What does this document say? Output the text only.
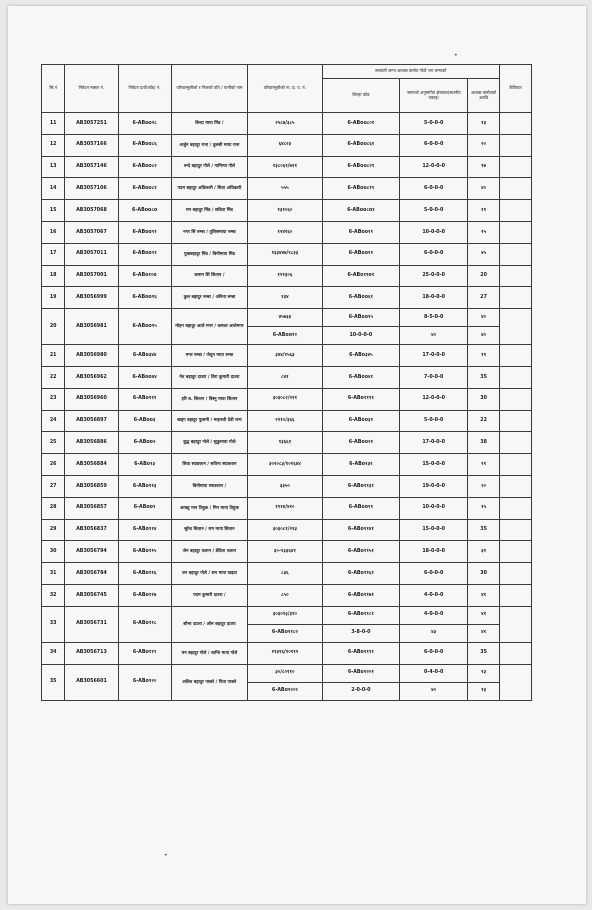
•
•
सि.नं	निवेदन मास्टर नं.	निवेदन दर्ता(कोड) नं.	परिवारमूलीको र निजको पति / पत्नीको नाम	परिवारमूलीको ना. प्र. प. नं.	सरकारी जग्गा आवास कमोत गोठो भए जग्गाको			कैफियत
					बिगहा कोड	जग्गाको अनुमानित क्षेत्रफल(स्थानीय एकाइ)	आवास कमोतको अवधि	
11	AB3057251	6-ABoo२८	बिन्दा माया मिंड /	२५८७/३८५	6-ABoo८०१	5-0-0-0	१३	
12	AB3057166	6-ABoo८६	अर्जुन बहादुर राना / तुलसी माया राना	६४८२३	6-ABoo८६१	6-0-0-0	२०	
13	AB3057146	6-ABoo८२	रुन्दे बहादुर गोले / गामिन्या गोले	१३८०६१/७११	6-ABoo८२१	12-0-0-0	१७	
14	AB3057106	6-ABoo८१	पदम बहादुर अधिकारी / सिता अधिकारी	५५५	6-ABoo८११	6-0-0-0	४०	
15	AB3057068	6-ABoo८o	मन बहादुर मिंड / सविता मिंड	१३१०६०	6-ABoo८o१	5-0-0-0	११	
16	AB3057067	6-ABoo११	नगर सिं रुम्बा / तुलिसमाया रुम्बा	१२४१६०	6-ABoo११	10-0-0-0	१५	
17	AB3057011	6-ABoo११	पुखबहादुर मिंड / बिनीमाया मिंड	१३३४४७/९८३३	6-ABoo११	6-0-0-0	४५	
18	AB3057001	6-ABo१०o	कमान सिं सितान /	१२१३०६	6-ABo११o१	25-0-0-0	20	
19	AB3056999	6-ABoo१६	कुल बहादुर रुम्बा / अनिता रुम्बा	१३४	6-ABoo६१	18-0-0-0	27	
20	AB3056981	6-ABoo१५	मोहन बहादुर आले मगर / कमला आलेमगर	४५७३३	6-ABoo१५	8-5-0-0	४०	
				6-ABoo१२	10-0-0-0	४०	४०	
21	AB3056980	6-ABo३४४	मगर रुम्बा / जेधुन माया रुम्बा	३४४/१५६३	6-ABo३४५	17-0-0-0	११	
22	AB3056962	6-ABoo४४	नेत बहादुर दाउरा / विरा कुमारी दाउरा	८४१	6-ABoo४१	7-0-0-0	35	
23	AB3056960	6-ABo१११	हरि ब. सितान / बिस्नु माया सितान	३०३०८२/२११	6-ABo११११	12-0-0-0	30	
24	AB3056897	6-ABoo३	खड्ग बहादुर पुलामी / माइनली देवी राना	२११०/३६६	6-ABoo३१	5-0-0-0	22	
25	AB3056886	6-ABoo२	बुद्ध बहादुर गोले / सुकुमाया गोले	१३६६१	6-ABoo२१	17-0-0-0	38	
26	AB3056884	6-ABo१३	शिवा स्याङतान / सविना स्याङतान	३०१०८३/१०१६४४	6-ABo१३१	15-0-0-0	११	
27	AB3056859	6-ABo११३	बिनीमाया स्याङतान /	३३५०	6-ABo११३१	19-0-0-0	२०	
28	AB3056857	6-ABoo१	आख्यु मान तिहुक / मिन माया तिहुक	१११४/४१०	6-ABoo११	10-0-0-0	१५	
29	AB3056837	6-ABo११४	सुरेश सितान / राम माया सितान	३०३०८१/२१३	6-ABo११४१	15-0-0-0	35	
30	AB3056794	6-ABo११५	जेन बहादुर थलान / डेविता थलान	३०-१३३६४१	6-ABo११५१	18-0-0-0	३१	
31	AB3056784	6-ABo११६	धन बहादुर गोले / राम माया वाइवा	८३६	6-ABo११६१	6-0-0-0	30	
32	AB3056745	6-ABo११७	पदम कुमारी दाउरा /	८५०	6-ABo११७१	4-0-0-0	४१	
33	AB3056731	6-ABo११८	शोभा दाउरा / ओम बहादुर दाउरा	३०३०१३/३१०	6-ABo११८१	4-0-0-0	४१	
				6-ABo११८२	3-8-0-0	४३	४१	
34	AB3056713	6-ABo११९	मन बहादुर गोले / शान्ति माया गोले	११३१६/१०१११	6-ABo११९१	6-0-0-0	35	
35	AB3056601	6-ABo१२०	ललित बहादुर पाख्ने / पिता पाख्ने	३०/८०११०	6-ABo१२०१	0-4-0-0	१३	
				6-ABo१२०२	2-0-0-0	४०	१३	
